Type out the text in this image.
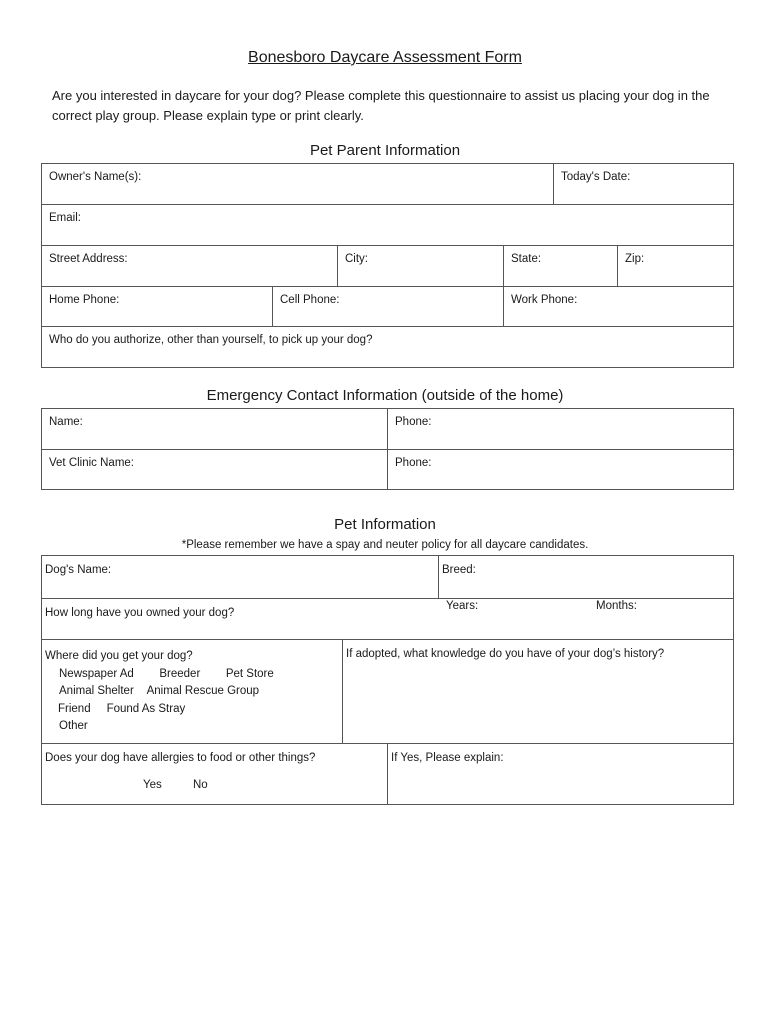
Bonesboro Daycare Assessment Form
Are you interested in daycare for your dog? Please complete this questionnaire to assist us placing your dog in the correct play group. Please explain type or print clearly.
Pet Parent Information
Owner's Name(s):	Today's Date:
Email:
Street Address:	City:	State:	Zip:
Home Phone:	Cell Phone:	Work Phone:
Who do you authorize, other than yourself, to pick up your dog?
Emergency Contact Information (outside of the home)
Name:	Phone:
Vet Clinic Name:	Phone:
Pet Information
*Please remember we have a spay and neuter policy for all daycare candidates.
Dog's Name:	Breed:
How long have you owned your dog?
Years:	Months:
Where did you get your dog?
Newspaper Ad Breeder Pet Store
Animal Shelter Animal Rescue Group
Friend Found As Stray
Other
If adopted, what knowledge do you have of your dog’s history?
Does your dog have allergies to food or other things?
Yes	No
If Yes, Please explain:
